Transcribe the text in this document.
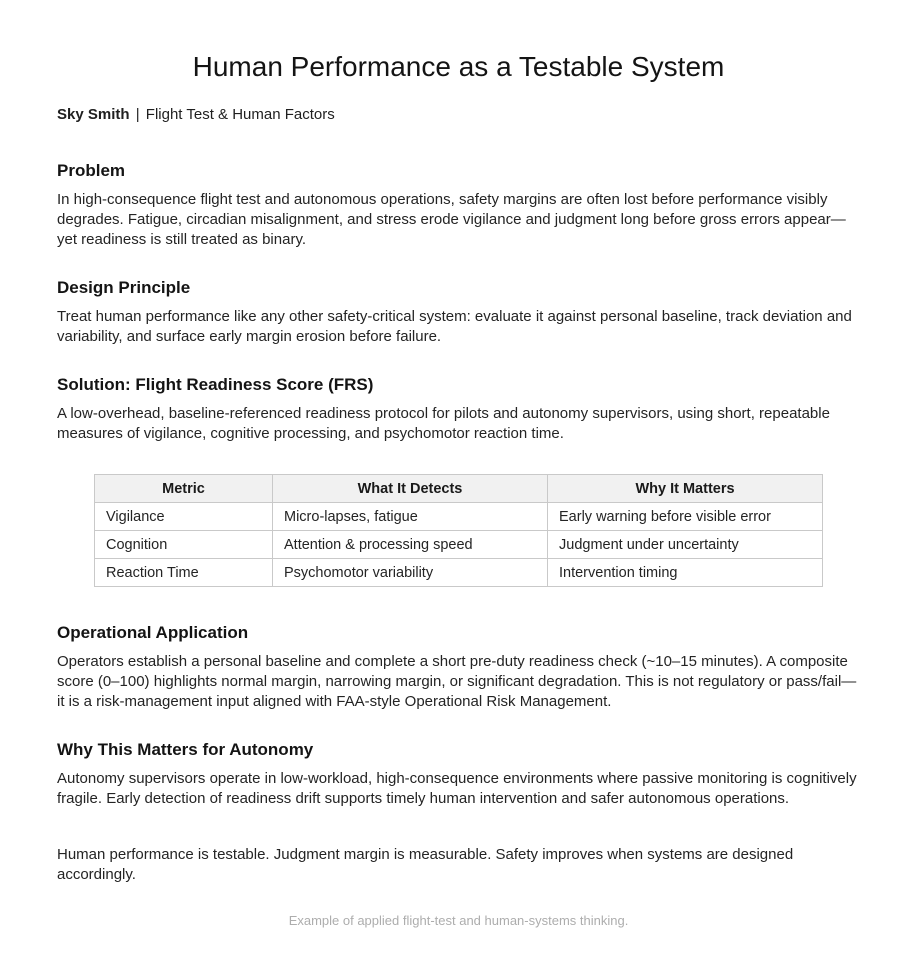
Human Performance as a Testable System
Sky Smith | Flight Test & Human Factors
Problem

In high-consequence flight test and autonomous operations, safety margins are often lost before performance visibly degrades. Fatigue, circadian misalignment, and stress erode vigilance and judgment long before gross errors appear—yet readiness is still treated as binary.

Design Principle

Treat human performance like any other safety-critical system: evaluate it against personal baseline, track deviation and variability, and surface early margin erosion before failure.

Solution: Flight Readiness Score (FRS)

A low-overhead, baseline-referenced readiness protocol for pilots and autonomy supervisors, using short, repeatable measures of vigilance, cognitive processing, and psychomotor reaction time.

Metric	What It Detects	Why It Matters
Vigilance	Micro-lapses, fatigue	Early warning before visible error
Cognition	Attention & processing speed	Judgment under uncertainty
Reaction Time	Psychomotor variability	Intervention timing
Operational Application

Operators establish a personal baseline and complete a short pre-duty readiness check (~10–15 minutes). A composite score (0–100) highlights normal margin, narrowing margin, or significant degradation. This is not regulatory or pass/fail—it is a risk-management input aligned with FAA-style Operational Risk Management.

Why This Matters for Autonomy

Autonomy supervisors operate in low-workload, high-consequence environments where passive monitoring is cognitively fragile. Early detection of readiness drift supports timely human intervention and safer autonomous operations.

Human performance is testable. Judgment margin is measurable. Safety improves when systems are designed accordingly.

Example of applied flight-test and human-systems thinking.
